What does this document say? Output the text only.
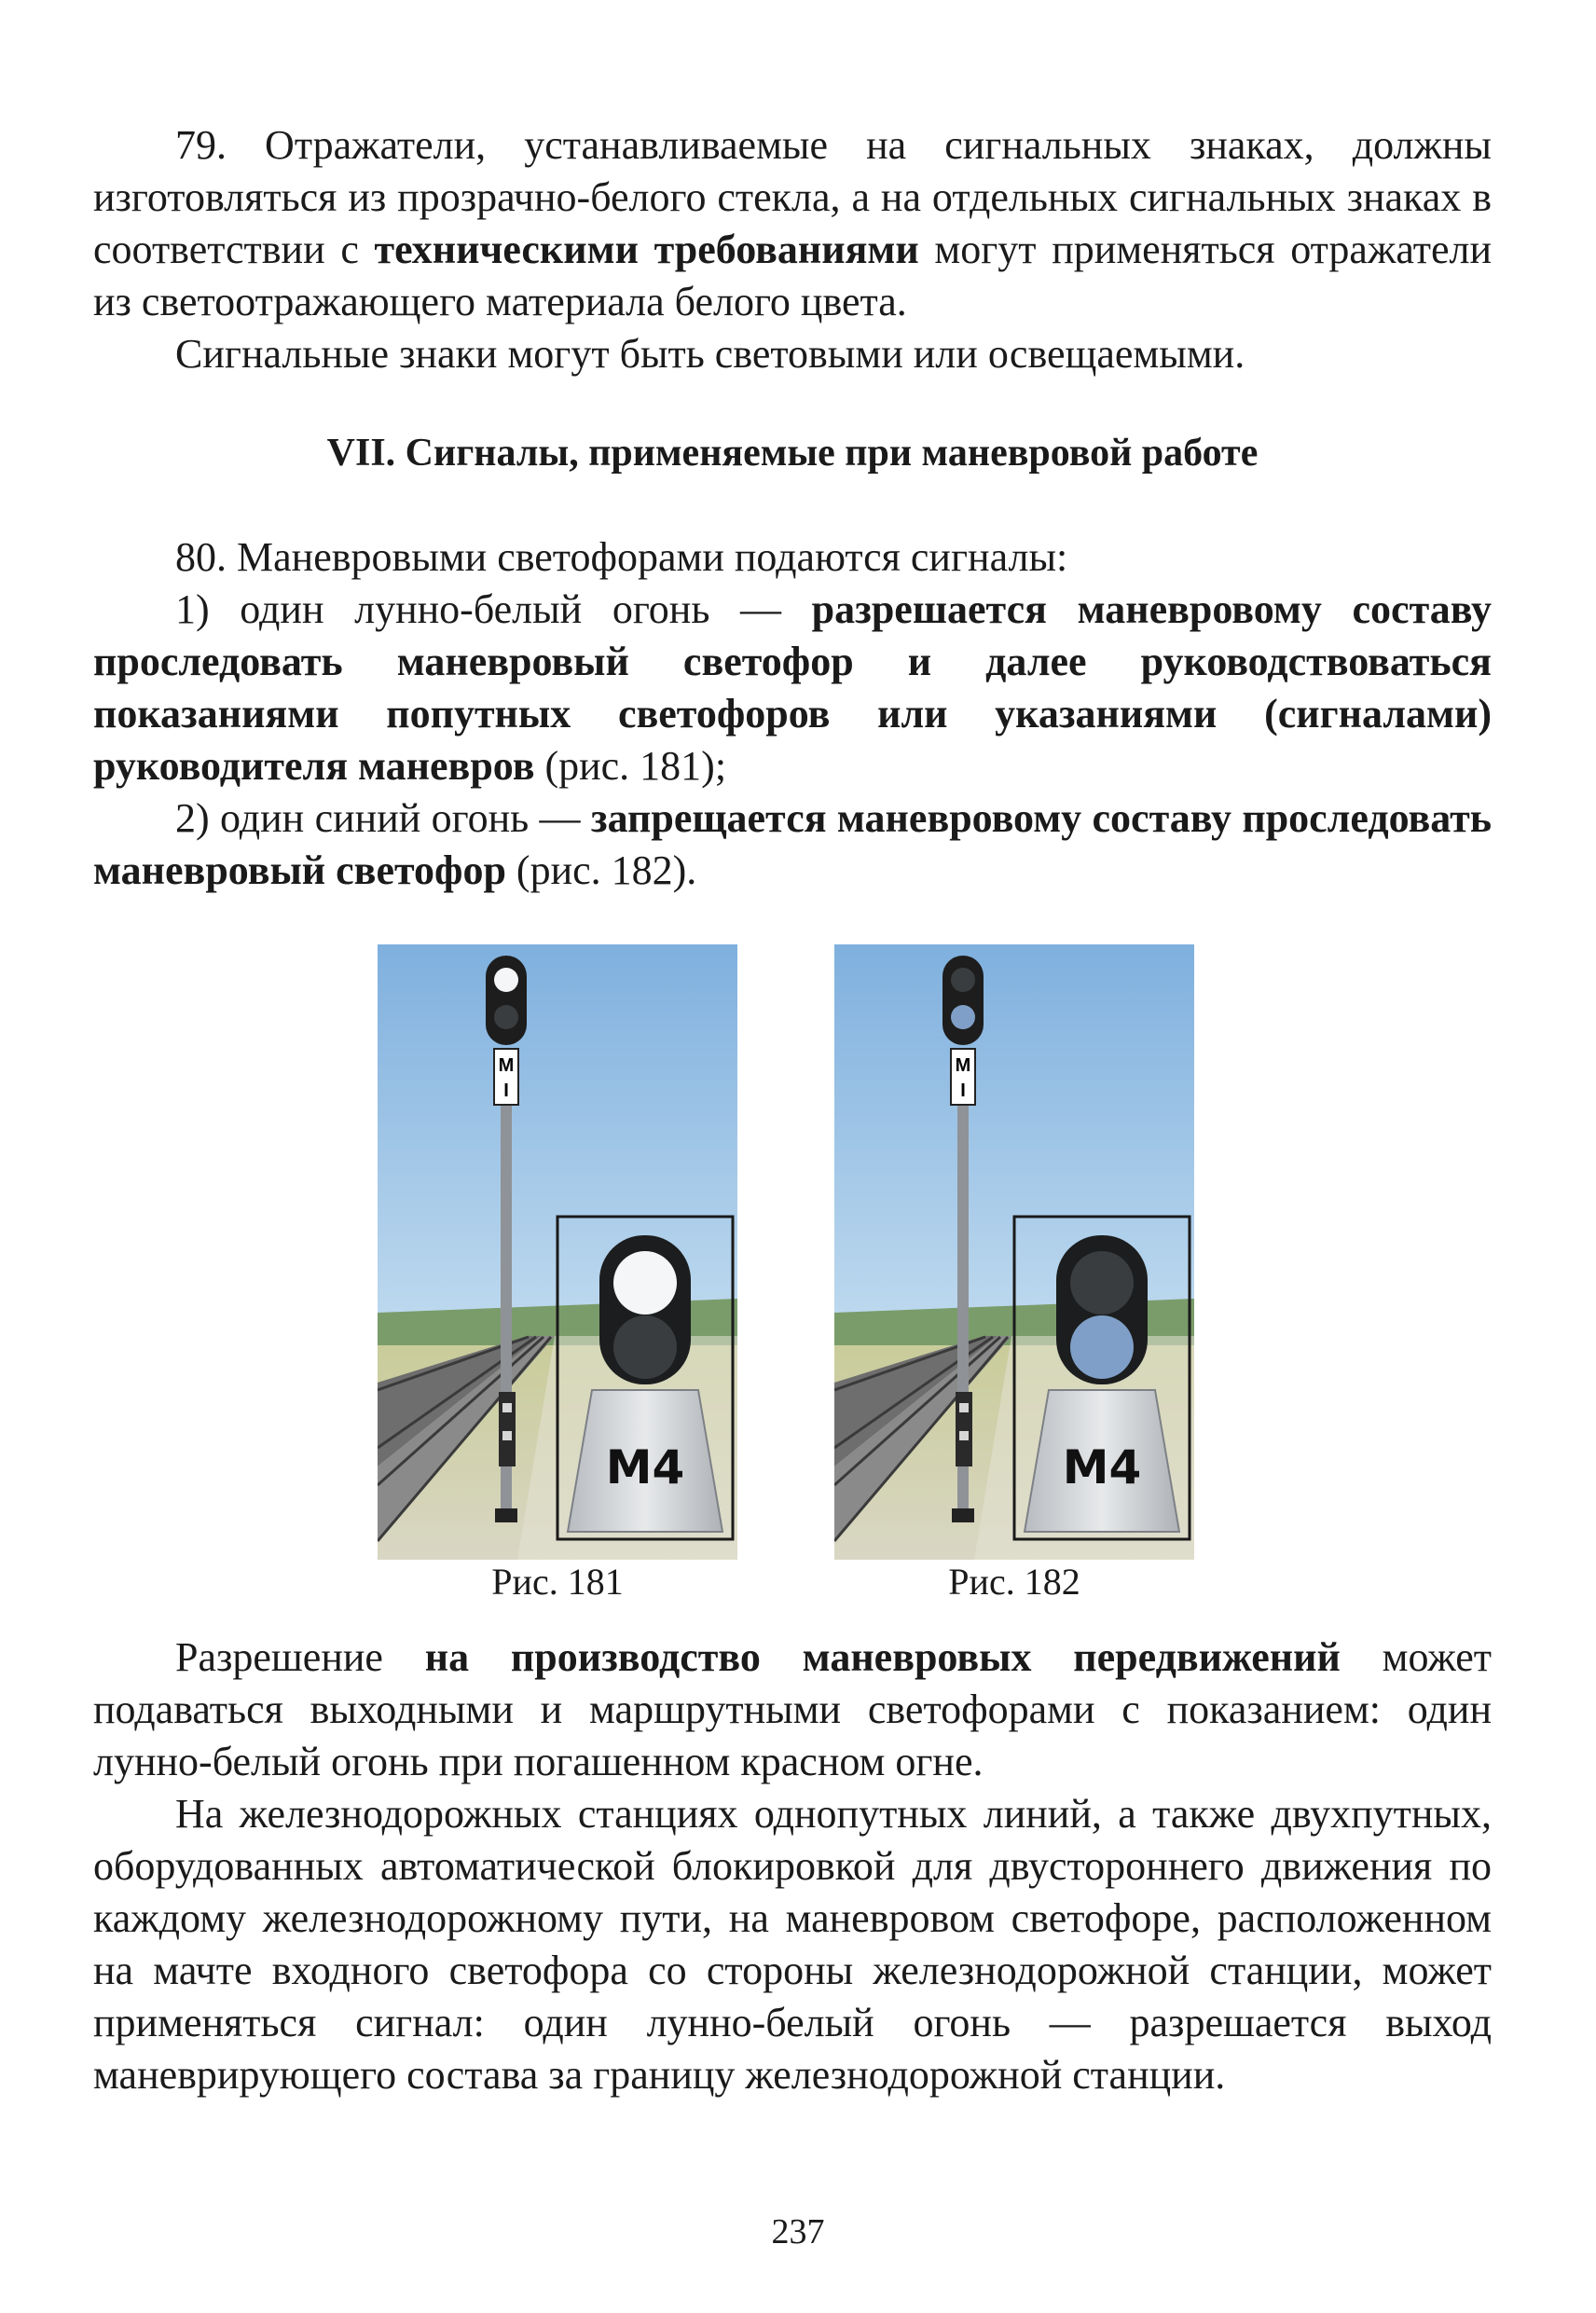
79. Отражатели, устанавливаемые на сигнальных знаках, должны изготовляться из прозрачно-белого стекла, а на отдельных сигнальных знаках в соответствии с техническими требованиями могут применяться отражатели из светоотражающего материала белого цвета.

Сигнальные знаки могут быть световыми или освещаемыми.

VII. Сигналы, применяемые при маневровой работе

80. Маневровыми светофорами подаются сигналы:

1) один лунно-белый огонь — разрешается маневровому составу проследовать маневровый светофор и далее руководствоваться показаниями попутных светофоров или указаниями (сигналами) руководителя маневров (рис. 181);

2) один синий огонь — запрещается маневровому составу проследовать маневровый светофор (рис. 182).

М
I
М4
Рис. 181
М
I
М4
Рис. 182

Разрешение на производство маневровых передвижений может подаваться выходными и маршрутными светофорами с показанием: один лунно-белый огонь при погашенном красном огне.

На железнодорожных станциях однопутных линий, а также двухпутных, оборудованных автоматической блокировкой для двустороннего движения по каждому железнодорожному пути, на маневровом светофоре, расположенном на мачте входного светофора со стороны железнодорожной станции, может применяться сигнал: один лунно-белый огонь — разрешается выход маневрирующего состава за границу железнодорожной станции.

237
